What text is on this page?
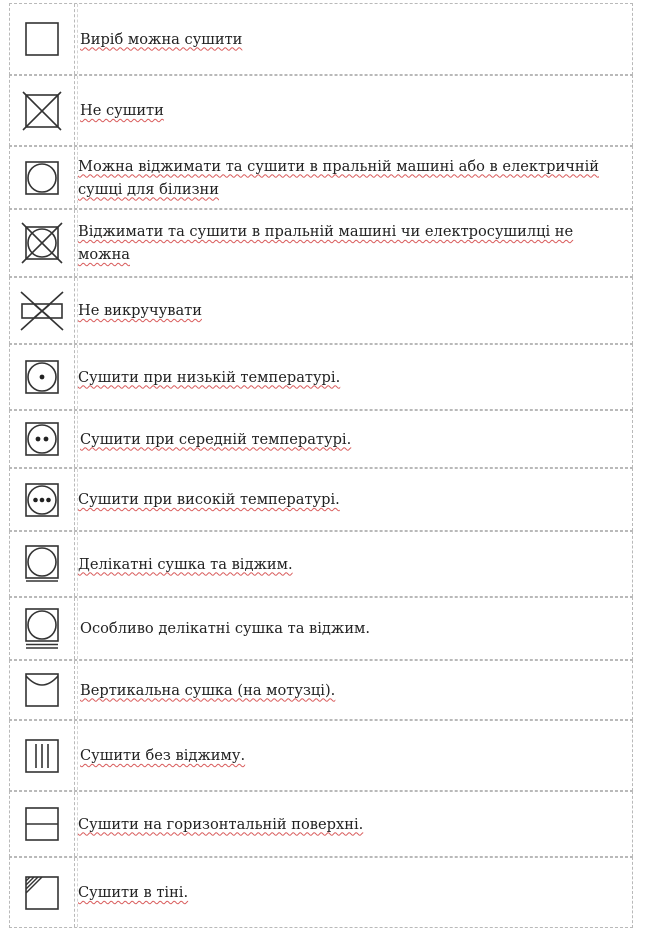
Виріб можна сушити
Не сушити
Можна віджимати та сушити в пральній машині або в електричній сушці для білизни
Віджимати та сушити в пральній машині чи електросушилці не можна
Не викручувати
Сушити при низькій температурі.
Сушити при середній температурі.
Сушити при високій температурі.
Делікатні сушка та віджим.
Особливо делікатні сушка та віджим.
Вертикальна сушка (на мотузці).
Сушити без віджиму.
Сушити на горизонтальній поверхні.
Сушити в тіні.
